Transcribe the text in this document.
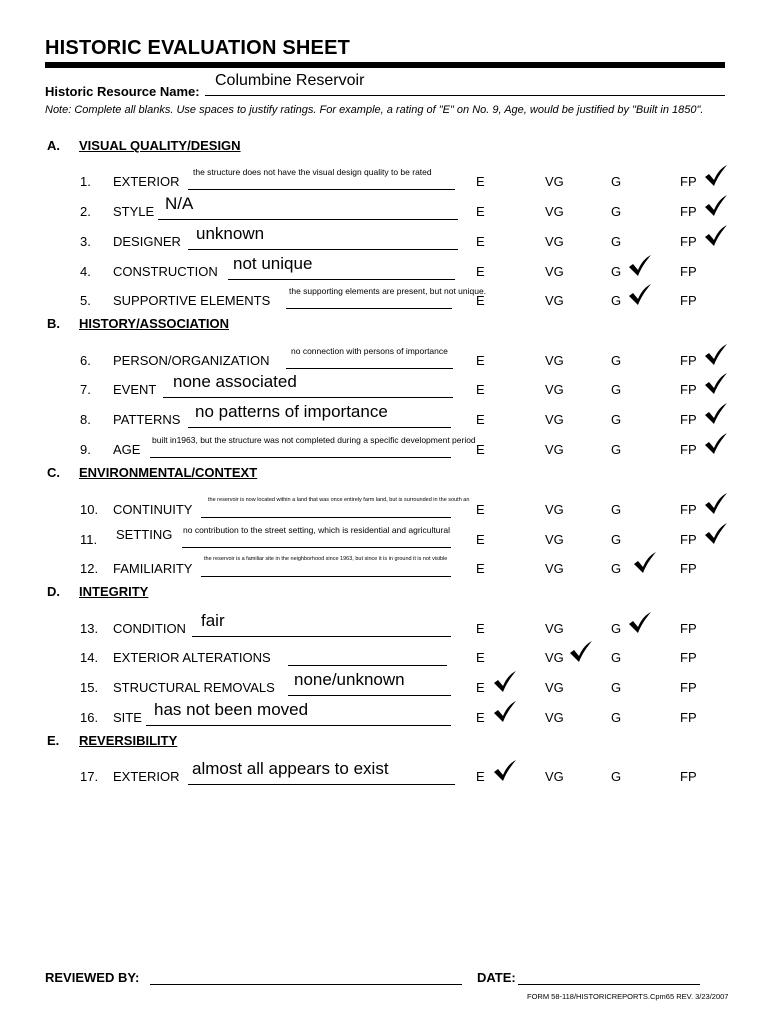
HISTORIC EVALUATION SHEET
Historic Resource Name:
Columbine Reservoir
Note: Complete all blanks. Use spaces to justify ratings. For example, a rating of "E" on No. 9, Age, would be justified by "Built in 1850".
A. VISUAL QUALITY/DESIGN
B. HISTORY/ASSOCIATION
C. ENVIRONMENTAL/CONTEXT
D. INTEGRITY
E. REVERSIBILITY
1. EXTERIOR
the structure does not have the visual design quality to be rated
E	VG	G	FP
2. STYLE N/A	E	VG	G	FP
3. DESIGNER unknown	E	VG	G	FP
4. CONSTRUCTION not unique	E	VG	G	FP
5. SUPPORTIVE ELEMENTS
the supporting elements are present, but not unique.
E	VG	G	FP
6. PERSON/ORGANIZATION
no connection with persons of importance
E	VG	G	FP
7. EVENT none associated	E	VG	G	FP
8. PATTERNS no patterns of importance	E	VG	G	FP
9. AGE
built in1963, but the structure was not completed during a specific development period
E	VG	G	FP
10. CONTINUITY
the reservoir is now located within a land that was once entirely farm land, but is surrounded in the south an
E	VG	G	FP
11. SETTING no contribution to the street setting, which is residential and agricultural
E	VG	G	FP
12. FAMILIARITY
the reservoir is a familiar site in the neighborhood since 1963, but since it is in ground it is not visible
E	VG	G	FP
13. CONDITION fair	E	VG	G	FP
14. EXTERIOR ALTERATIONS	E	VG	G	FP
15. STRUCTURAL REMOVALS none/unknown	E	VG	G	FP
16. SITE has not been moved	E	VG	G	FP
17. EXTERIOR almost all appears to exist	E	VG	G	FP
REVIEWED BY:	DATE:
FORM 58-118/HISTORICREPORTS.Cpm65 REV. 3/23/2007
